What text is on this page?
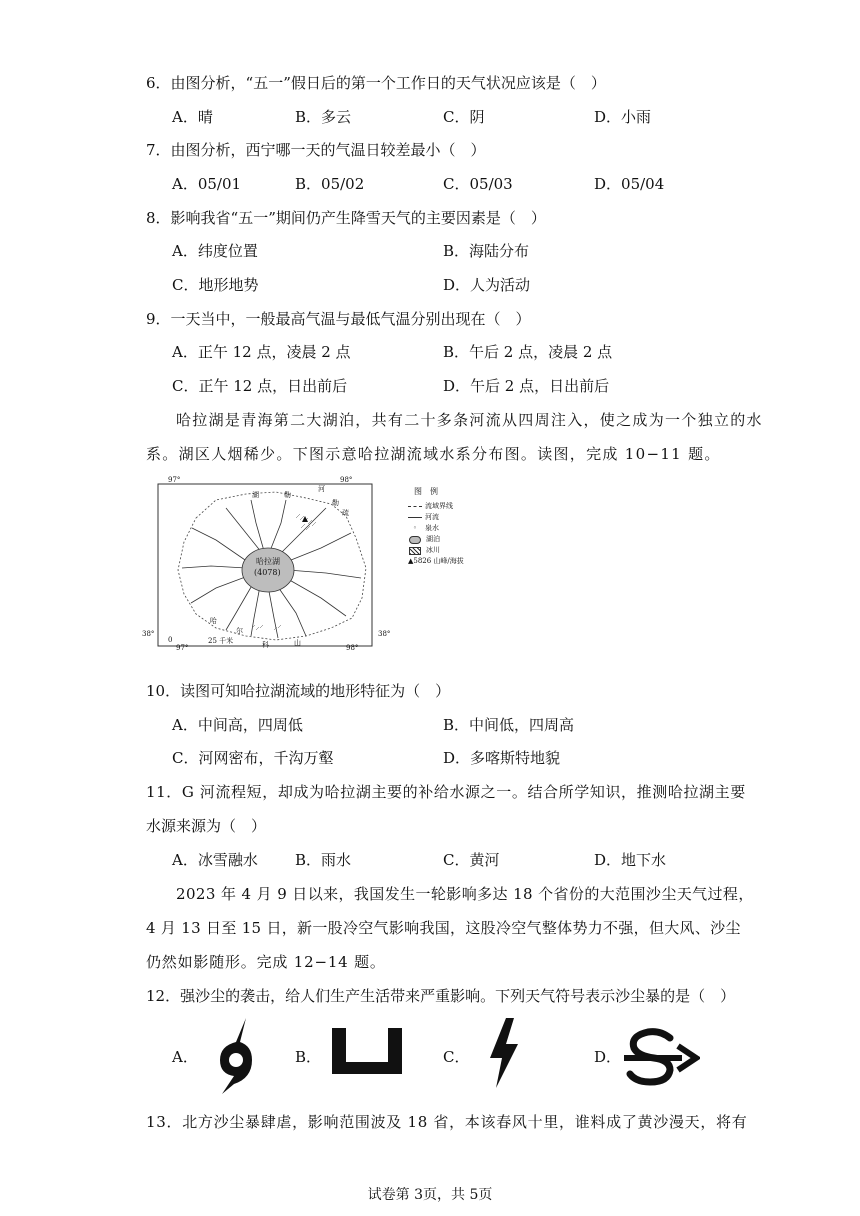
6．由图分析，“五一”假日后的第一个工作日的天气状况应该是（　）
A．晴	B．多云	C．阴	D．小雨
7．由图分析，西宁哪一天的气温日较差最小（　）
A．05/01	B．05/02	C．05/03	D．05/04
8．影响我省“五一”期间仍产生降雪天气的主要因素是（　）
A．纬度位置	B．海陆分布
C．地形地势	D．人为活动
9．一天当中，一般最高气温与最低气温分别出现在（　）
A．正午 12 点，凌晨 2 点	B．午后 2 点，凌晨 2 点
C．正午 12 点，日出前后	D．午后 2 点，日出前后
哈拉湖是青海第二大湖泊，共有二十多条河流从四周注入，使之成为一个独立的水
系。湖区人烟稀少。下图示意哈拉湖流域水系分布图。读图，完成 10−11 题。
97°	98°
97°	98°
38°	38°
哈拉湖
(4078)
湖	勒
河
勒
疏
哈
尔
科	山
0	25 千米
图　例
流域界线
河流
◦	泉水
湖泊
冰川
▲5826 山峰/海拔
10．读图可知哈拉湖流域的地形特征为（　）
A．中间高，四周低	B．中间低，四周高
C．河网密布，千沟万壑	D．多喀斯特地貌
11．G 河流程短，却成为哈拉湖主要的补给水源之一。结合所学知识，推测哈拉湖主要
水源来源为（　）
A．冰雪融水 B．雨水	C．黄河	D．地下水
2023 年 4 月 9 日以来，我国发生一轮影响多达 18 个省份的大范围沙尘天气过程，
4 月 13 日至 15 日，新一股冷空气影响我国，这股冷空气整体势力不强，但大风、沙尘
仍然如影随形。完成 12−14 题。
12．强沙尘的袭击，给人们生产生活带来严重影响。下列天气符号表示沙尘暴的是（　）
A．	B．	C．	D．
13．北方沙尘暴肆虐，影响范围波及 18 省，本该春风十里，谁料成了黄沙漫天，将有
试卷第 3页，共 5页
